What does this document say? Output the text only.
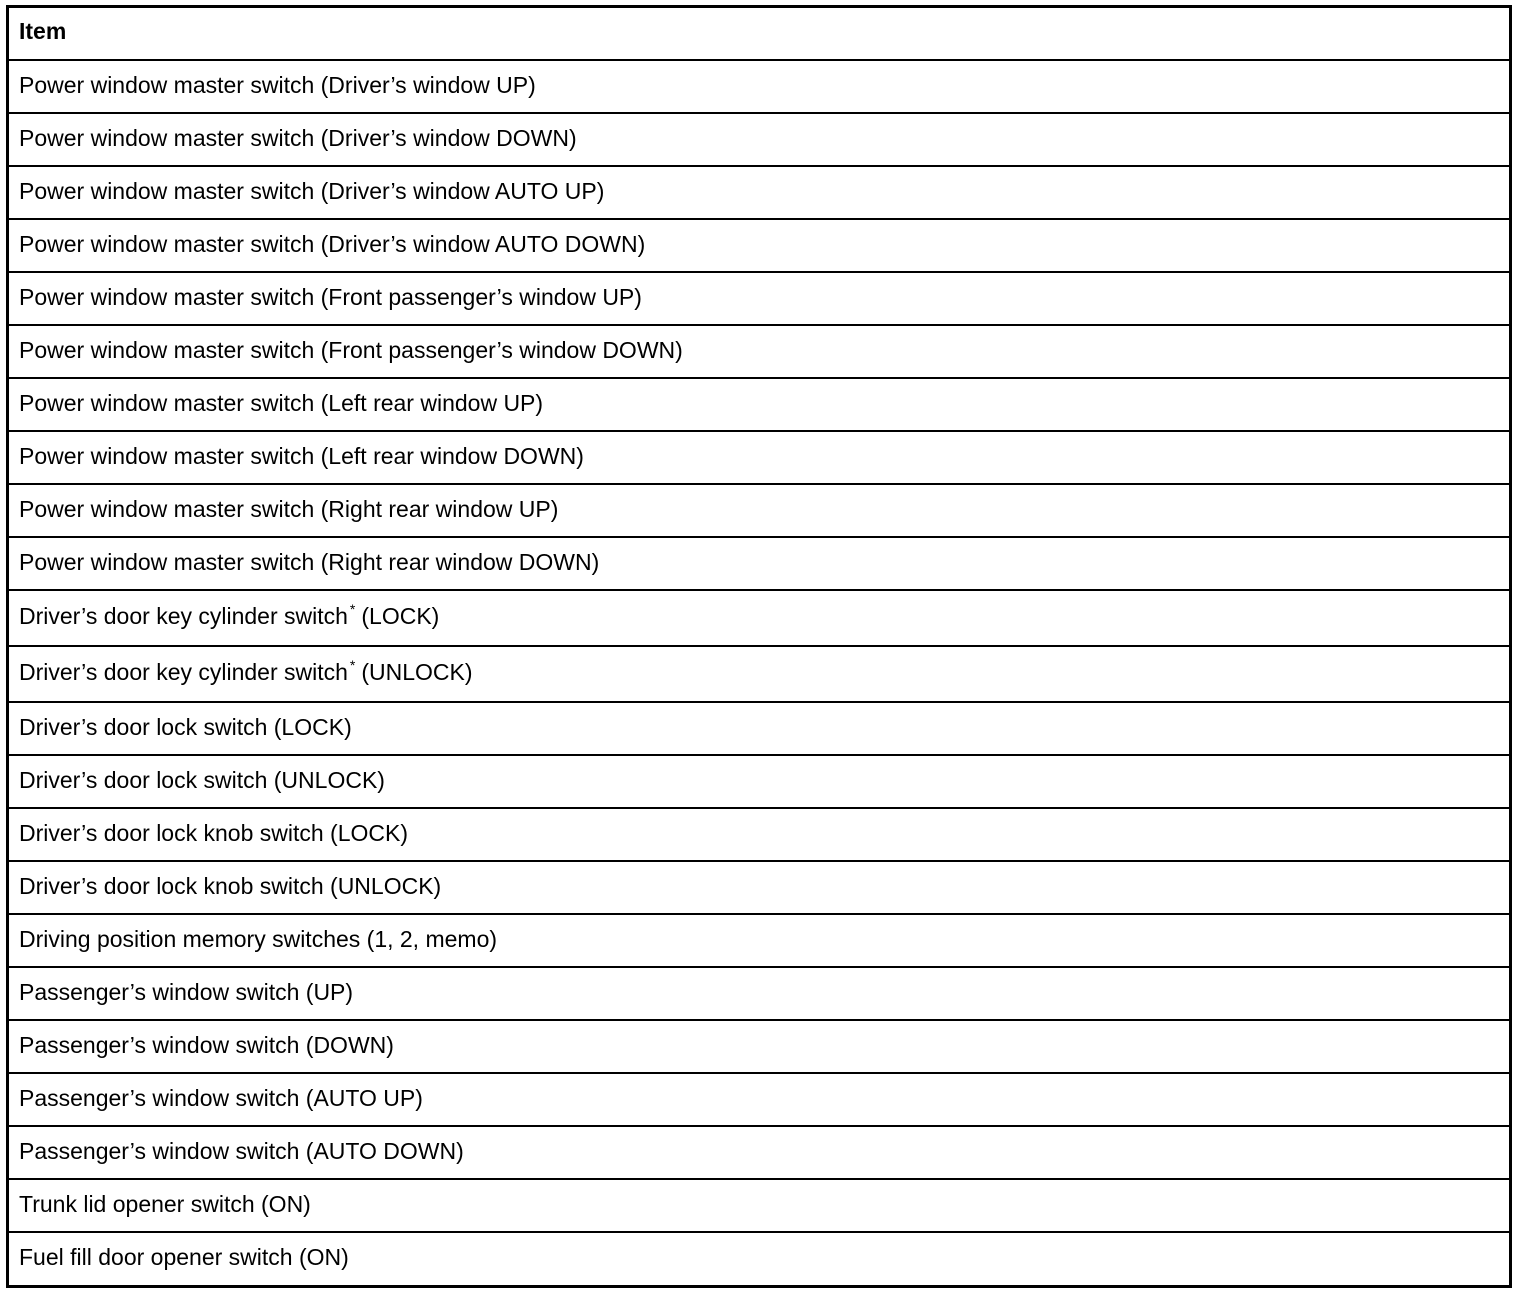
Item
Power window master switch (Driver’s window UP)
Power window master switch (Driver’s window DOWN)
Power window master switch (Driver’s window AUTO UP)
Power window master switch (Driver’s window AUTO DOWN)
Power window master switch (Front passenger’s window UP)
Power window master switch (Front passenger’s window DOWN)
Power window master switch (Left rear window UP)
Power window master switch (Left rear window DOWN)
Power window master switch (Right rear window UP)
Power window master switch (Right rear window DOWN)
Driver’s door key cylinder switch * (LOCK)
Driver’s door key cylinder switch * (UNLOCK)
Driver’s door lock switch (LOCK)
Driver’s door lock switch (UNLOCK)
Driver’s door lock knob switch (LOCK)
Driver’s door lock knob switch (UNLOCK)
Driving position memory switches (1, 2, memo)
Passenger’s window switch (UP)
Passenger’s window switch (DOWN)
Passenger’s window switch (AUTO UP)
Passenger’s window switch (AUTO DOWN)
Trunk lid opener switch (ON)
Fuel fill door opener switch (ON)
